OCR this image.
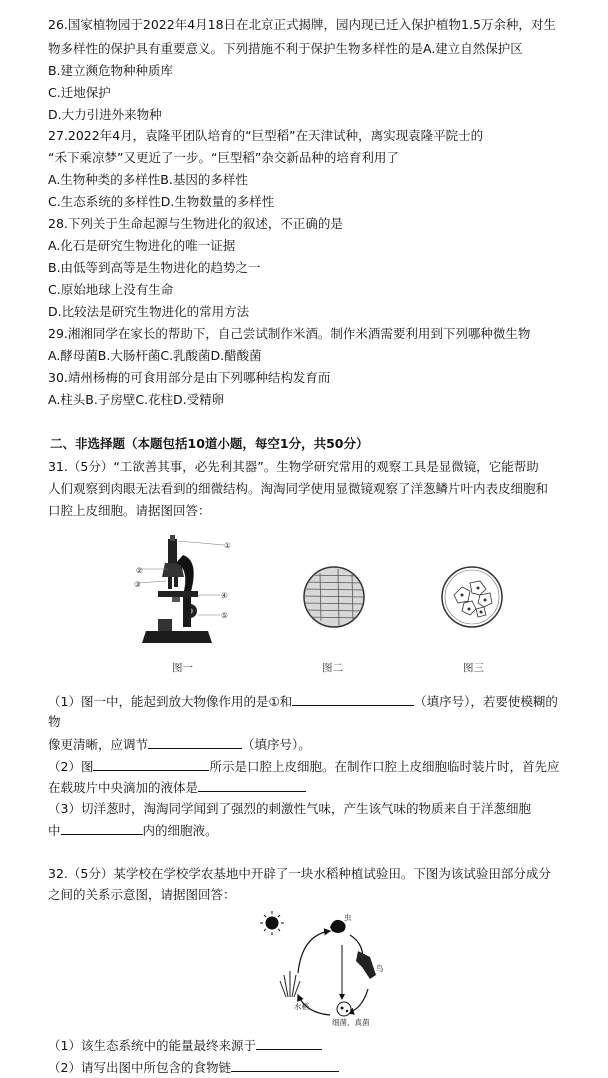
26.国家植物园于2022年4月18日在北京正式揭牌，园内现已迁入保护植物1.5万余种，对生
物多样性的保护具有重要意义。下列措施不利于保护生物多样性的是A.建立自然保护区
B.建立濒危物种种质库
C.迁地保护
D.大力引进外来物种
27.2022年4月，袁隆平团队培育的“巨型稻”在天津试种，离实现袁隆平院士的
“禾下乘凉梦”又更近了一步。“巨型稻”杂交新品种的培育利用了
A.生物种类的多样性B.基因的多样性
C.生态系统的多样性D.生物数量的多样性
28.下列关于生命起源与生物进化的叙述，不正确的是
A.化石是研究生物进化的唯一证据
B.由低等到高等是生物进化的趋势之一
C.原始地球上没有生命
D.比较法是研究生物进化的常用方法
29.湘湘同学在家长的帮助下，自己尝试制作米酒。制作米酒需要利用到下列哪种微生物
A.酵母菌B.大肠杆菌C.乳酸菌D.醋酸菌
30.靖州杨梅的可食用部分是由下列哪种结构发育而
A.柱头B.子房壁C.花柱D.受精卵
二、非选择题（本题包括10道小题，每空1分，共50分）
31.（5分）“工欲善其事，必先利其器”。生物学研究常用的观察工具是显微镜，它能帮助
人们观察到肉眼无法看到的细微结构。淘淘同学使用显微镜观察了洋葱鳞片叶内表皮细胞和
口腔上皮细胞。请据图回答：
①
②
③
④
⑤
图一	图二	图三
（1）图一中，能起到放大物像作用的是①和	（填序号），若要使模糊的
物
像更清晰，应调节	（填序号）。
（2）图	所示是口腔上皮细胞。在制作口腔上皮细胞临时装片时，首先应
在载玻片中央滴加的液体是
（3）切洋葱时，淘淘同学闻到了强烈的刺激性气味，产生该气味的物质来自于洋葱细胞
中	内的细胞液。
32.（5分）某学校在学校学农基地中开辟了一块水稻种植试验田。下图为该试验田部分成分
之间的关系示意图，请据图回答：
虫
鸟
水稻
细菌、真菌
（1）该生态系统中的能量最终来源于
（2）请写出图中所包含的食物链
